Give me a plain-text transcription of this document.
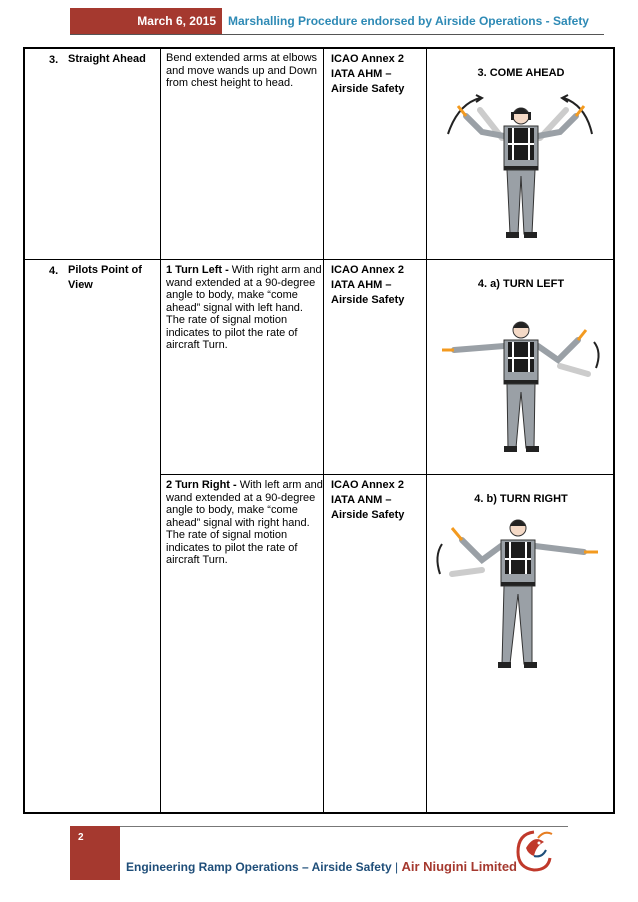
March 6, 2015	Marshalling Procedure endorsed by Airside Operations - Safety
3. Straight Ahead	Bend extended arms at elbows and move wands up and Down from chest height to head.
ICAO Annex 2
IATA AHM –
Airside Safety
3. COME AHEAD
4. Pilots Point of View
1 Turn Left - With right arm and wand extended at a 90-degree angle to body, make “come ahead” signal with left hand. The rate of signal motion indicates to pilot the rate of aircraft Turn.
ICAO Annex 2
IATA AHM –
Airside Safety
4. a) TURN LEFT
2 Turn Right - With left arm and wand extended at a 90-degree angle to body, make “come ahead” signal with right hand. The rate of signal motion indicates to pilot the rate of aircraft Turn.
ICAO Annex 2
IATA ANM –
Airside Safety
4. b) TURN RIGHT
2
Engineering Ramp Operations – Airside Safety | Air Niugini Limited
